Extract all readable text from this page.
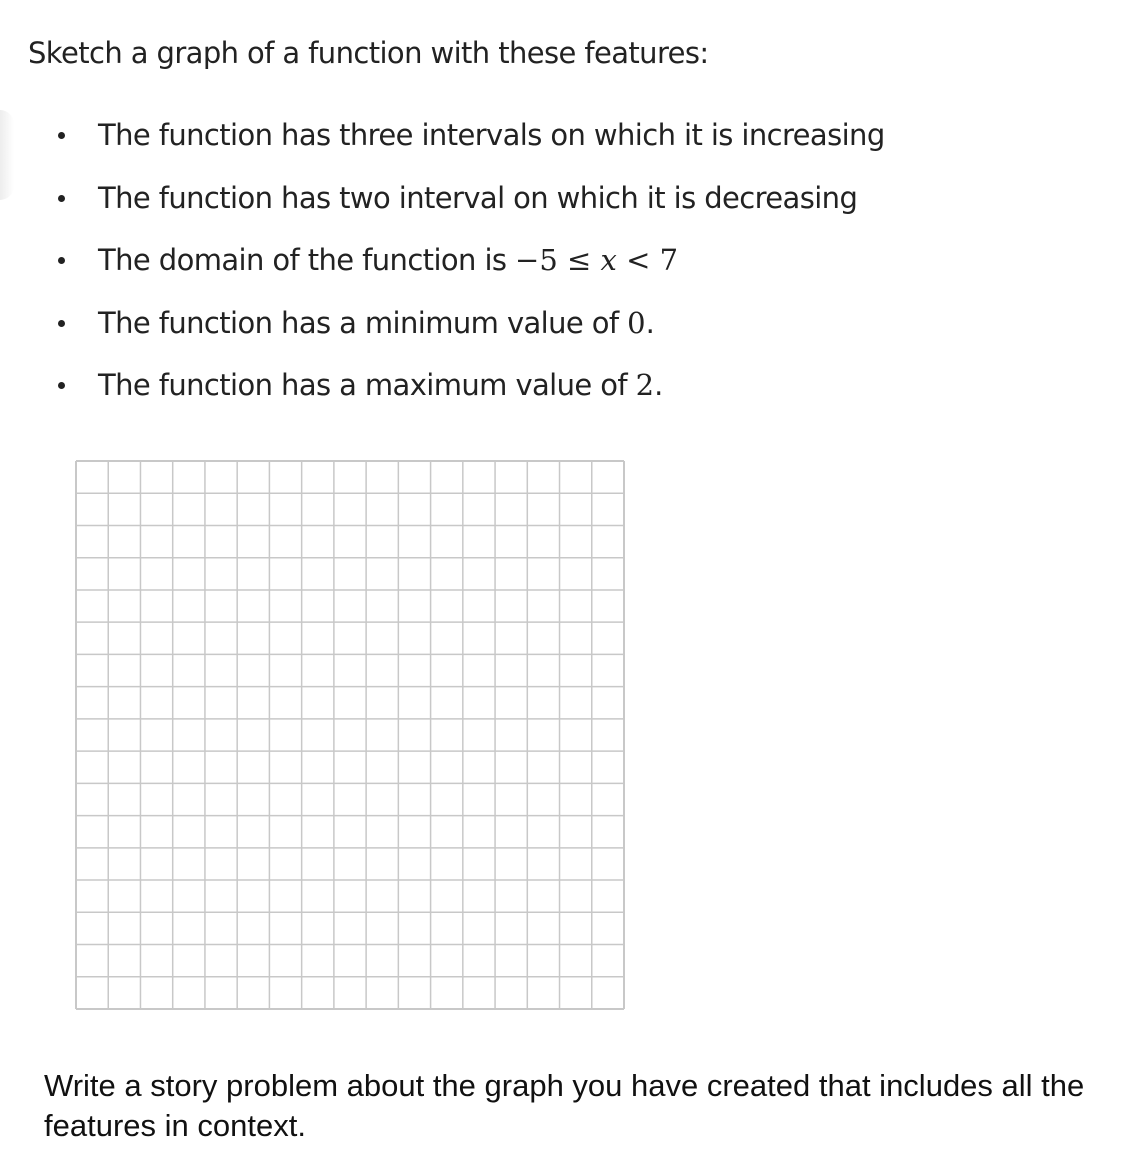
Sketch a graph of a function with these features:
The function has three intervals on which it is increasing
The function has two interval on which it is decreasing
The domain of the function is −5 ≤ x < 7
The function has a minimum value of 0.
The function has a maximum value of 2.
Write a story problem about the graph you have created that includes all the features in context.
